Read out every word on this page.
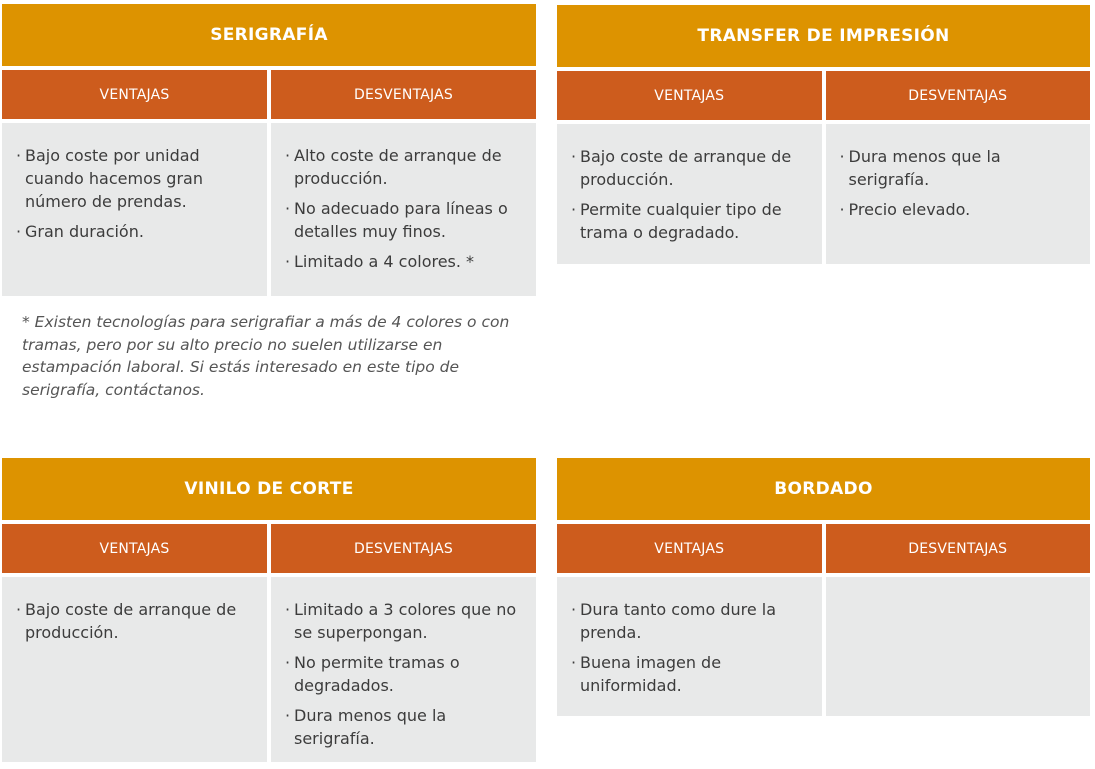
SERIGRAFÍA
VENTAJAS
· Bajo coste por unidad cuando hacemos gran número de prendas.
· Gran duración.
DESVENTAJAS
· Alto coste de arranque de producción.
· No adecuado para líneas o detalles muy finos.
· Limitado a 4 colores. *

* Existen tecnologías para serigrafiar a más de 4 colores o con tramas, pero por su alto precio no suelen utilizarse en estampación laboral. Si estás interesado en este tipo de serigrafía, contáctanos.

TRANSFER DE IMPRESIÓN
VENTAJAS
· Bajo coste de arranque de producción.
· Permite cualquier tipo de trama o degradado.
DESVENTAJAS
· Dura menos que la serigrafía.
· Precio elevado.
VINILO DE CORTE
VENTAJAS
· Bajo coste de arranque de producción.
DESVENTAJAS
· Limitado a 3 colores que no se superpongan.
· No permite tramas o degradados.
· Dura menos que la serigrafía.
BORDADO
VENTAJAS
· Dura tanto como dure la prenda.
· Buena imagen de uniformidad.
DESVENTAJAS
